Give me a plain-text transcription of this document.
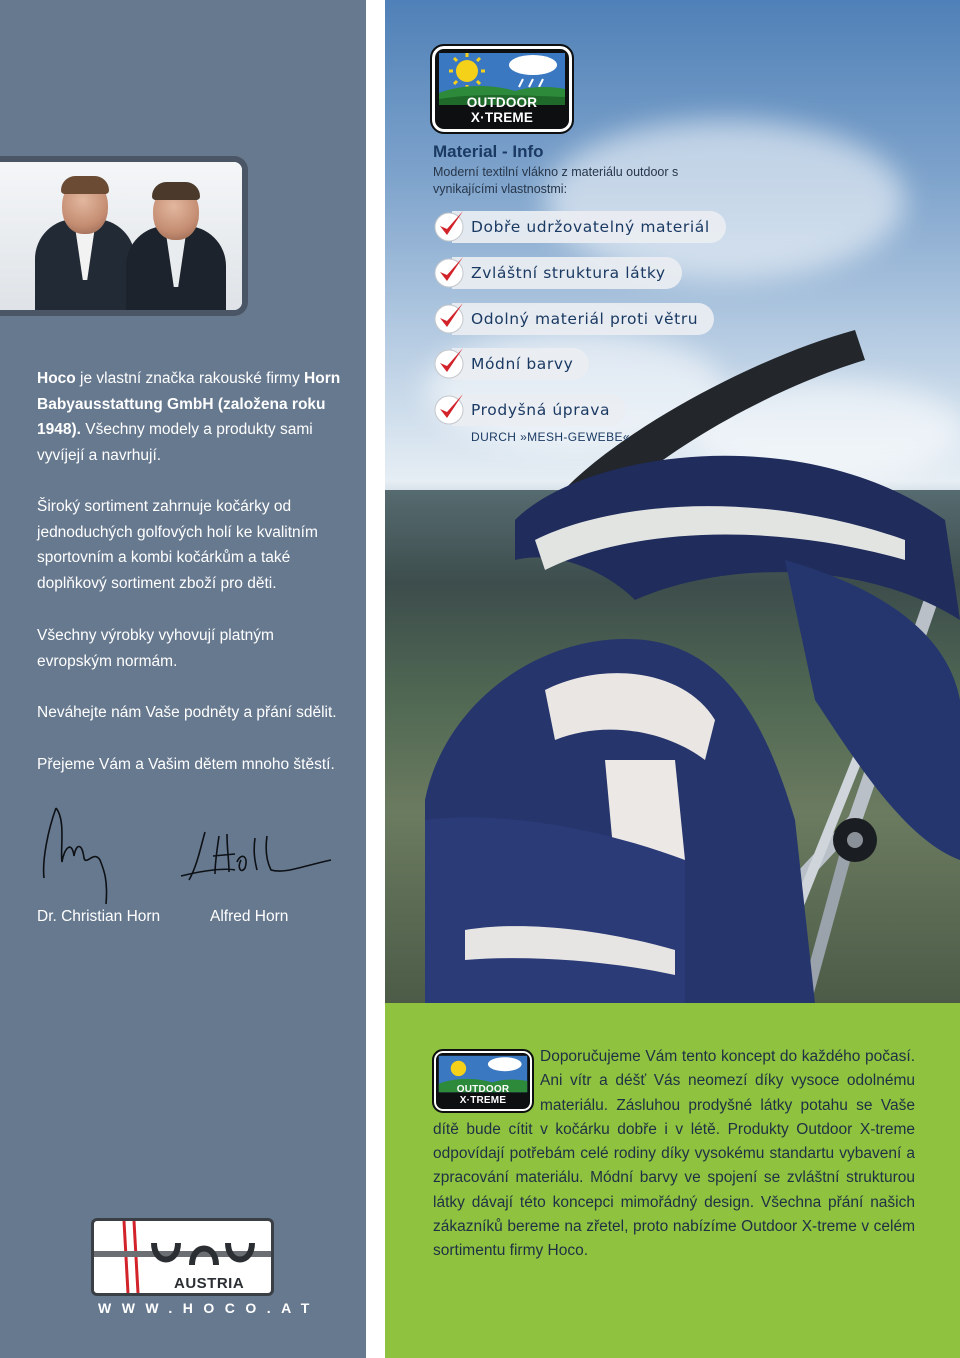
Hoco je vlastní značka rakouské firmy Horn Babyausstattung GmbH (založena roku 1948). Všechny modely a produkty sami vyvíjejí a navrhují.
Široký sortiment zahrnuje kočárky od jednoduchých golfových holí ke kvalitním sportovním a kombi kočárkům a také doplňkový sortiment zboží pro děti.
Všechny výrobky vyhovují platným evropským normám.
Neváhejte nám Vaše podněty a přání sdělit.
Přejeme Vám a Vašim dětem mnoho štěstí.
Dr. Christian Horn	Alfred Horn
AUSTRIA
WWW.HOCO.AT
OUTDOOR X·TREME
Material - Info
Moderní textilní vlákno z materiálu outdoor s vynikajícími vlastnostmi:
Dobře udržovatelný materiál
Zvláštní struktura látky
Odolný materiál proti větru
Módní barvy
Prodyšná úprava
DURCH »MESH-GEWEBE«
OUTDOOR X·TREME
Doporučujeme Vám tento koncept do každého počasí. Ani vítr a déšť Vás neomezí díky vysoce odolnému materiálu. Zásluhou prodyšné látky potahu se Vaše dítě bude cítit v kočárku dobře i v létě. Produkty Outdoor X-treme odpovídají potřebám celé rodiny díky vysokému standartu vybavení a zpracování materiálu. Módní barvy ve spojení se zvláštní strukturou látky dávají této koncepci mimořádný design. Všechna přání našich zákazníků bereme na zřetel, proto nabízíme Outdoor X-treme v celém sortimentu firmy Hoco.
